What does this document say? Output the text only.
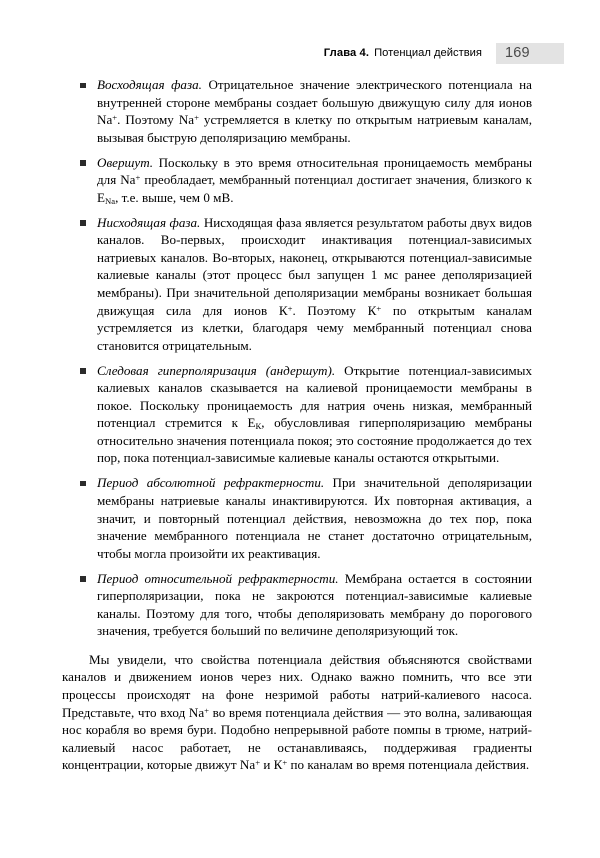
Глава 4. Потенциал действия 169
Восходящая фаза. Отрицательное значение электрического потенциала на внутренней стороне мембраны создает большую движущую силу для ионов Na+. Поэтому Na+ устремляется в клетку по открытым натриевым каналам, вызывая быструю деполяризацию мембраны.
Овершут. Поскольку в это время относительная проницаемость мембраны для Na+ преобладает, мембранный потенциал достигает значения, близкого к $E_{Na}$, т.е. выше, чем 0 мВ.
Нисходящая фаза. Нисходящая фаза является результатом работы двух видов каналов. Во-первых, происходит инактивация потенциал-зависимых натриевых каналов. Во-вторых, наконец, открываются потенциал-зависимые калиевые каналы (этот процесс был запущен 1 мс ранее деполяризацией мембраны). При значительной деполяризации мембраны возникает большая движущая сила для ионов К+. Поэтому К+ по открытым каналам устремляется из клетки, благодаря чему мембранный потенциал снова становится отрицательным.
Следовая гиперполяризация (андершут). Открытие потенциал-зависимых калиевых каналов сказывается на калиевой проницаемости мембраны в покое. Поскольку проницаемость для натрия очень низкая, мембранный потенциал стремится к $E_К$, обусловливая гиперполяризацию мембраны относительно значения потенциала покоя; это состояние продолжается до тех пор, пока потенциал-зависимые калиевые каналы остаются открытыми.
Период абсолютной рефрактерности. При значительной деполяризации мембраны натриевые каналы инактивируются. Их повторная активация, а значит, и повторный потенциал действия, невозможна до тех пор, пока значение мембранного потенциала не станет достаточно отрицательным, чтобы могла произойти их реактивация.
Период относительной рефрактерности. Мембрана остается в состоянии гиперполяризации, пока не закроются потенциал-зависимые калиевые каналы. Поэтому для того, чтобы деполяризовать мембрану до порогового значения, требуется больший по величине деполяризующий ток.

Мы увидели, что свойства потенциала действия объясняются свойствами каналов и движением ионов через них. Однако важно помнить, что все эти процессы происходят на фоне незримой работы натрий-калиевого насоса. Представьте, что вход Na+ во время потенциала действия — это волна, заливающая нос корабля во время бури. Подобно непрерывной работе помпы в трюме, натрий-калиевый насос работает, не останавливаясь, поддерживая градиенты концентрации, которые движут Na+ и К+ по каналам во время потенциала действия.
